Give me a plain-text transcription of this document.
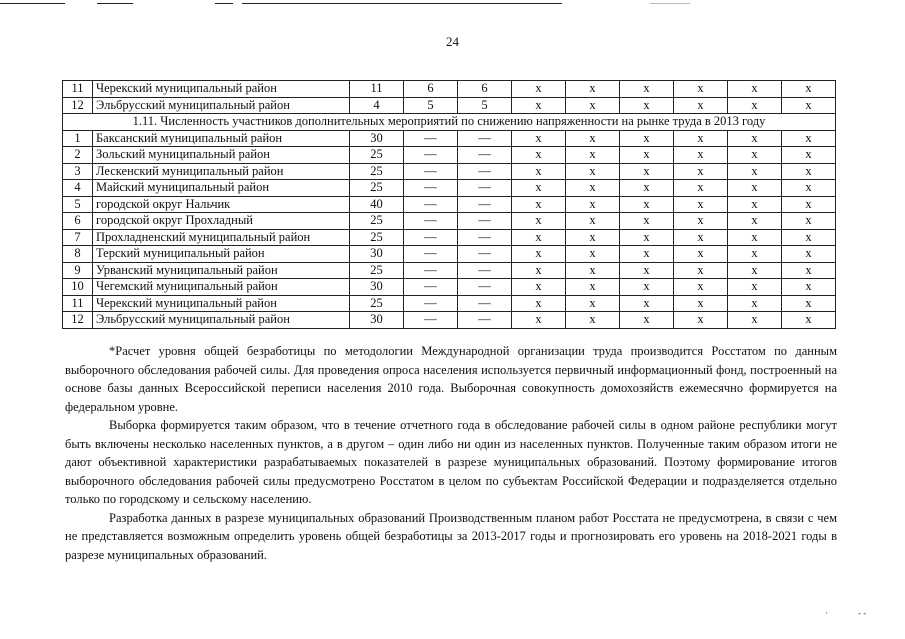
24
11	Черекский муниципальный район	11	6	6	х	х	х	х	х	х
12	Эльбрусский муниципальный район	4	5	5	х	х	х	х	х	х
1.11. Численность участников дополнительных мероприятий по снижению напряженности на рынке труда в 2013 году										
1	Баксанский муниципальный район	30	—	—	х	х	х	х	х	х
2	Зольский муниципальный район	25	—	—	х	х	х	х	х	х
3	Лескенский муниципальный район	25	—	—	х	х	х	х	х	х
4	Майский муниципальный район	25	—	—	х	х	х	х	х	х
5	городской округ Нальчик	40	—	—	х	х	х	х	х	х
6	городской округ Прохладный	25	—	—	х	х	х	х	х	х
7	Прохладненский муниципальный район	25	—	—	х	х	х	х	х	х
8	Терский муниципальный район	30	—	—	х	х	х	х	х	х
9	Урванский муниципальный район	25	—	—	х	х	х	х	х	х
10	Чегемский муниципальный район	30	—	—	х	х	х	х	х	х
11	Черекский муниципальный район	25	—	—	х	х	х	х	х	х
12	Эльбрусский муниципальный район	30	—	—	х	х	х	х	х	х

*Расчет уровня общей безработицы по методологии Международной организации труда производится Росстатом по данным выборочного обследования рабочей силы. Для проведения опроса населения используется первичный информационный фонд, построенный на основе базы данных Всероссийской переписи населения 2010 года. Выборочная совокупность домохозяйств ежемесячно формируется на федеральном уровне.

Выборка формируется таким образом, что в течение отчетного года в обследование рабочей силы в одном районе республики могут быть включены несколько населенных пунктов, а в другом – один либо ни один из населенных пунктов. Полученные таким образом итоги не дают объективной характеристики разрабатываемых показателей в разрезе муниципальных образований. Поэтому формирование итогов выборочного обследования рабочей силы предусмотрено Росстатом в целом по субъектам Российской Федерации и подразделяется отдельно только по городскому и сельскому населению.

Разработка данных в разрезе муниципальных образований Производственным планом работ Росстата не предусмотрена, в связи с чем не представляется возможным определить уровень общей безработицы за 2013-2017 годы и прогнозировать его уровень на 2018-2021 годы в разрезе муниципальных образований.

·	- -
